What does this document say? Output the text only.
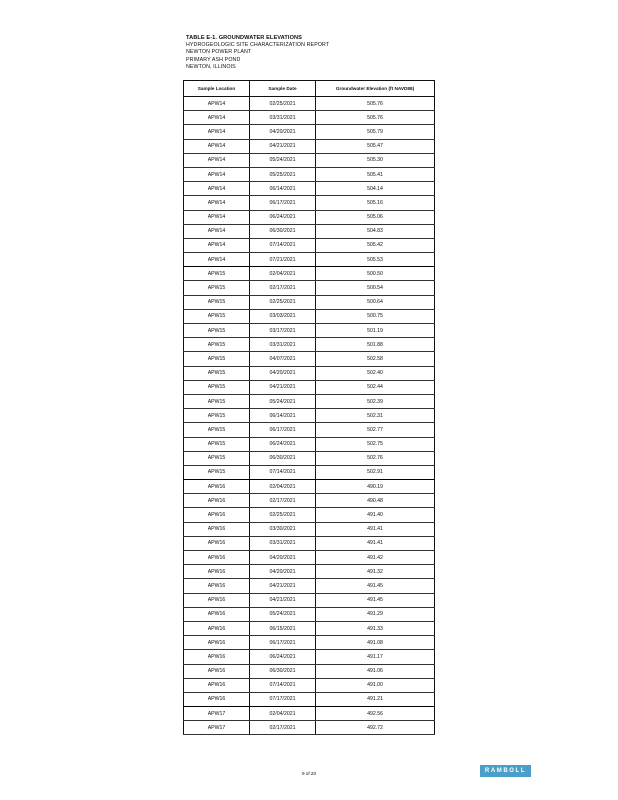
TABLE E-1. GROUNDWATER ELEVATIONS
HYDROGEOLOGIC SITE CHARACTERIZATION REPORT
NEWTON POWER PLANT
PRIMARY ASH POND
NEWTON, ILLINOIS
Sample Location	Sample Date	Groundwater Elevation (ft NAVD88)
APW14	02/25/2021	505.76
APW14	03/31/2021	505.76
APW14	04/20/2021	505.79
APW14	04/21/2021	505.47
APW14	05/24/2021	505.30
APW14	05/25/2021	505.41
APW14	06/14/2021	504.14
APW14	06/17/2021	505.16
APW14	06/24/2021	505.06
APW14	06/30/2021	504.83
APW14	07/14/2021	505.42
APW14	07/21/2021	505.53
APW15	02/04/2021	500.50
APW15	02/17/2021	500.54
APW15	02/25/2021	500.64
APW15	03/03/2021	500.75
APW15	03/17/2021	501.19
APW15	03/31/2021	501.88
APW15	04/07/2021	502.58
APW15	04/20/2021	502.40
APW15	04/21/2021	502.44
APW15	05/24/2021	502.39
APW15	06/14/2021	502.31
APW15	06/17/2021	502.77
APW15	06/24/2021	502.75
APW15	06/30/2021	502.76
APW15	07/14/2021	502.91
APW16	02/04/2021	490.19
APW16	02/17/2021	490.48
APW16	02/25/2021	491.40
APW16	03/30/2021	491.41
APW16	03/31/2021	491.41
APW16	04/20/2021	491.42
APW16	04/20/2021	491.32
APW16	04/21/2021	491.45
APW16	04/21/2021	491.45
APW16	05/24/2021	491.29
APW16	06/15/2021	491.33
APW16	06/17/2021	491.08
APW16	06/24/2021	491.17
APW16	06/30/2021	491.06
APW16	07/14/2021	491.00
APW16	07/17/2021	491.21
APW17	02/04/2021	492.56
APW17	02/17/2021	492.72
9 of 20	RAMBOLL
